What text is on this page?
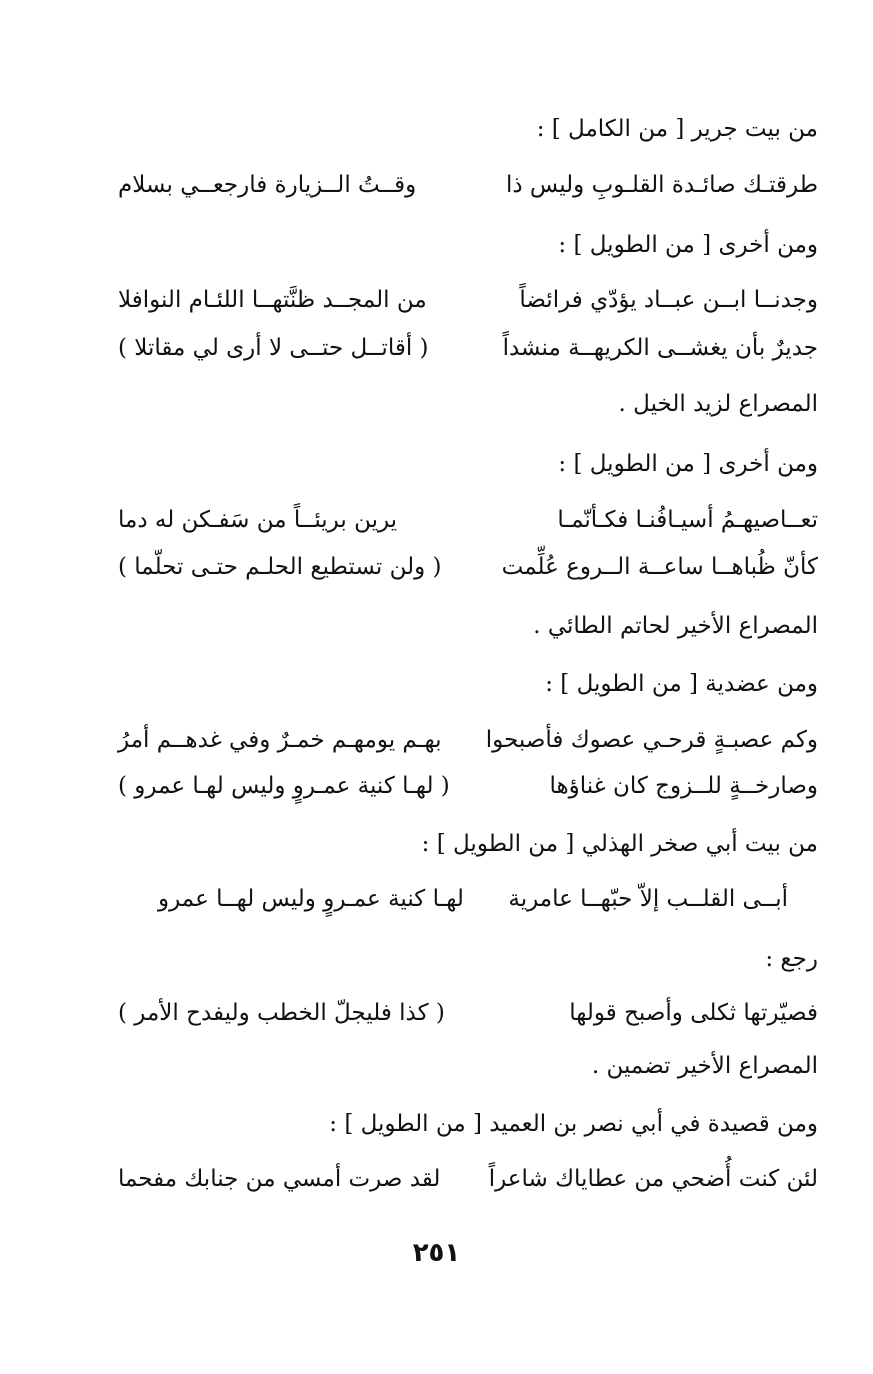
من بيت جرير [ من الكامل ] :
طرقتـك صائـدة القلـوبِ وليس ذا
وقــتُ الــزيارة فارجعــي بسلام
ومن أخرى [ من الطويل ] :
وجدنــا ابــن عبــاد يؤدّي فرائضاً
من المجــد ظنَّتهــا اللئـام النوافلا
جديرٌ بأن يغشــى الكريهــة منشداً
( أقاتــل حتــى لا أرى لي مقاتلا )
المصراع لزيد الخيل .
ومن أخرى [ من الطويل ] :
تعــاصيهـمُ أسيـافُنـا فكـأنّمـا
يرين بريئــاً من سَفـكن له دما
كأنّ ظُباهــا ساعــة الــروع عُلِّمت
( ولن تستطيع الحلـم حتـى تحلّما )
المصراع الأخير لحاتم الطائي .
ومن عضدية [ من الطويل ] :
وكم عصبـةٍ قرحـي عصوك فأصبحوا
بهـم يومهـم خمـرٌ وفي غدهــم أمرُ
وصارخــةٍ للــزوج كان غناؤها
( لهـا كنية عمـروٍ وليس لهـا عمرو )
من بيت أبي صخر الهذلي [ من الطويل ] :
أبــى القلــب إلاّ حبّهــا عامرية
لهـا كنية عمـروٍ وليس لهــا عمرو
رجع :
فصيّرتها ثكلى وأصبح قولها
( كذا فليجلّ الخطب وليفدح الأمر )
المصراع الأخير تضمين .
ومن قصيدة في أبي نصر بن العميد [ من الطويل ] :
لئن كنت أُضحي من عطاياك شاعراً
لقد صرت أمسي من جنابك مفحما
٢٥١
